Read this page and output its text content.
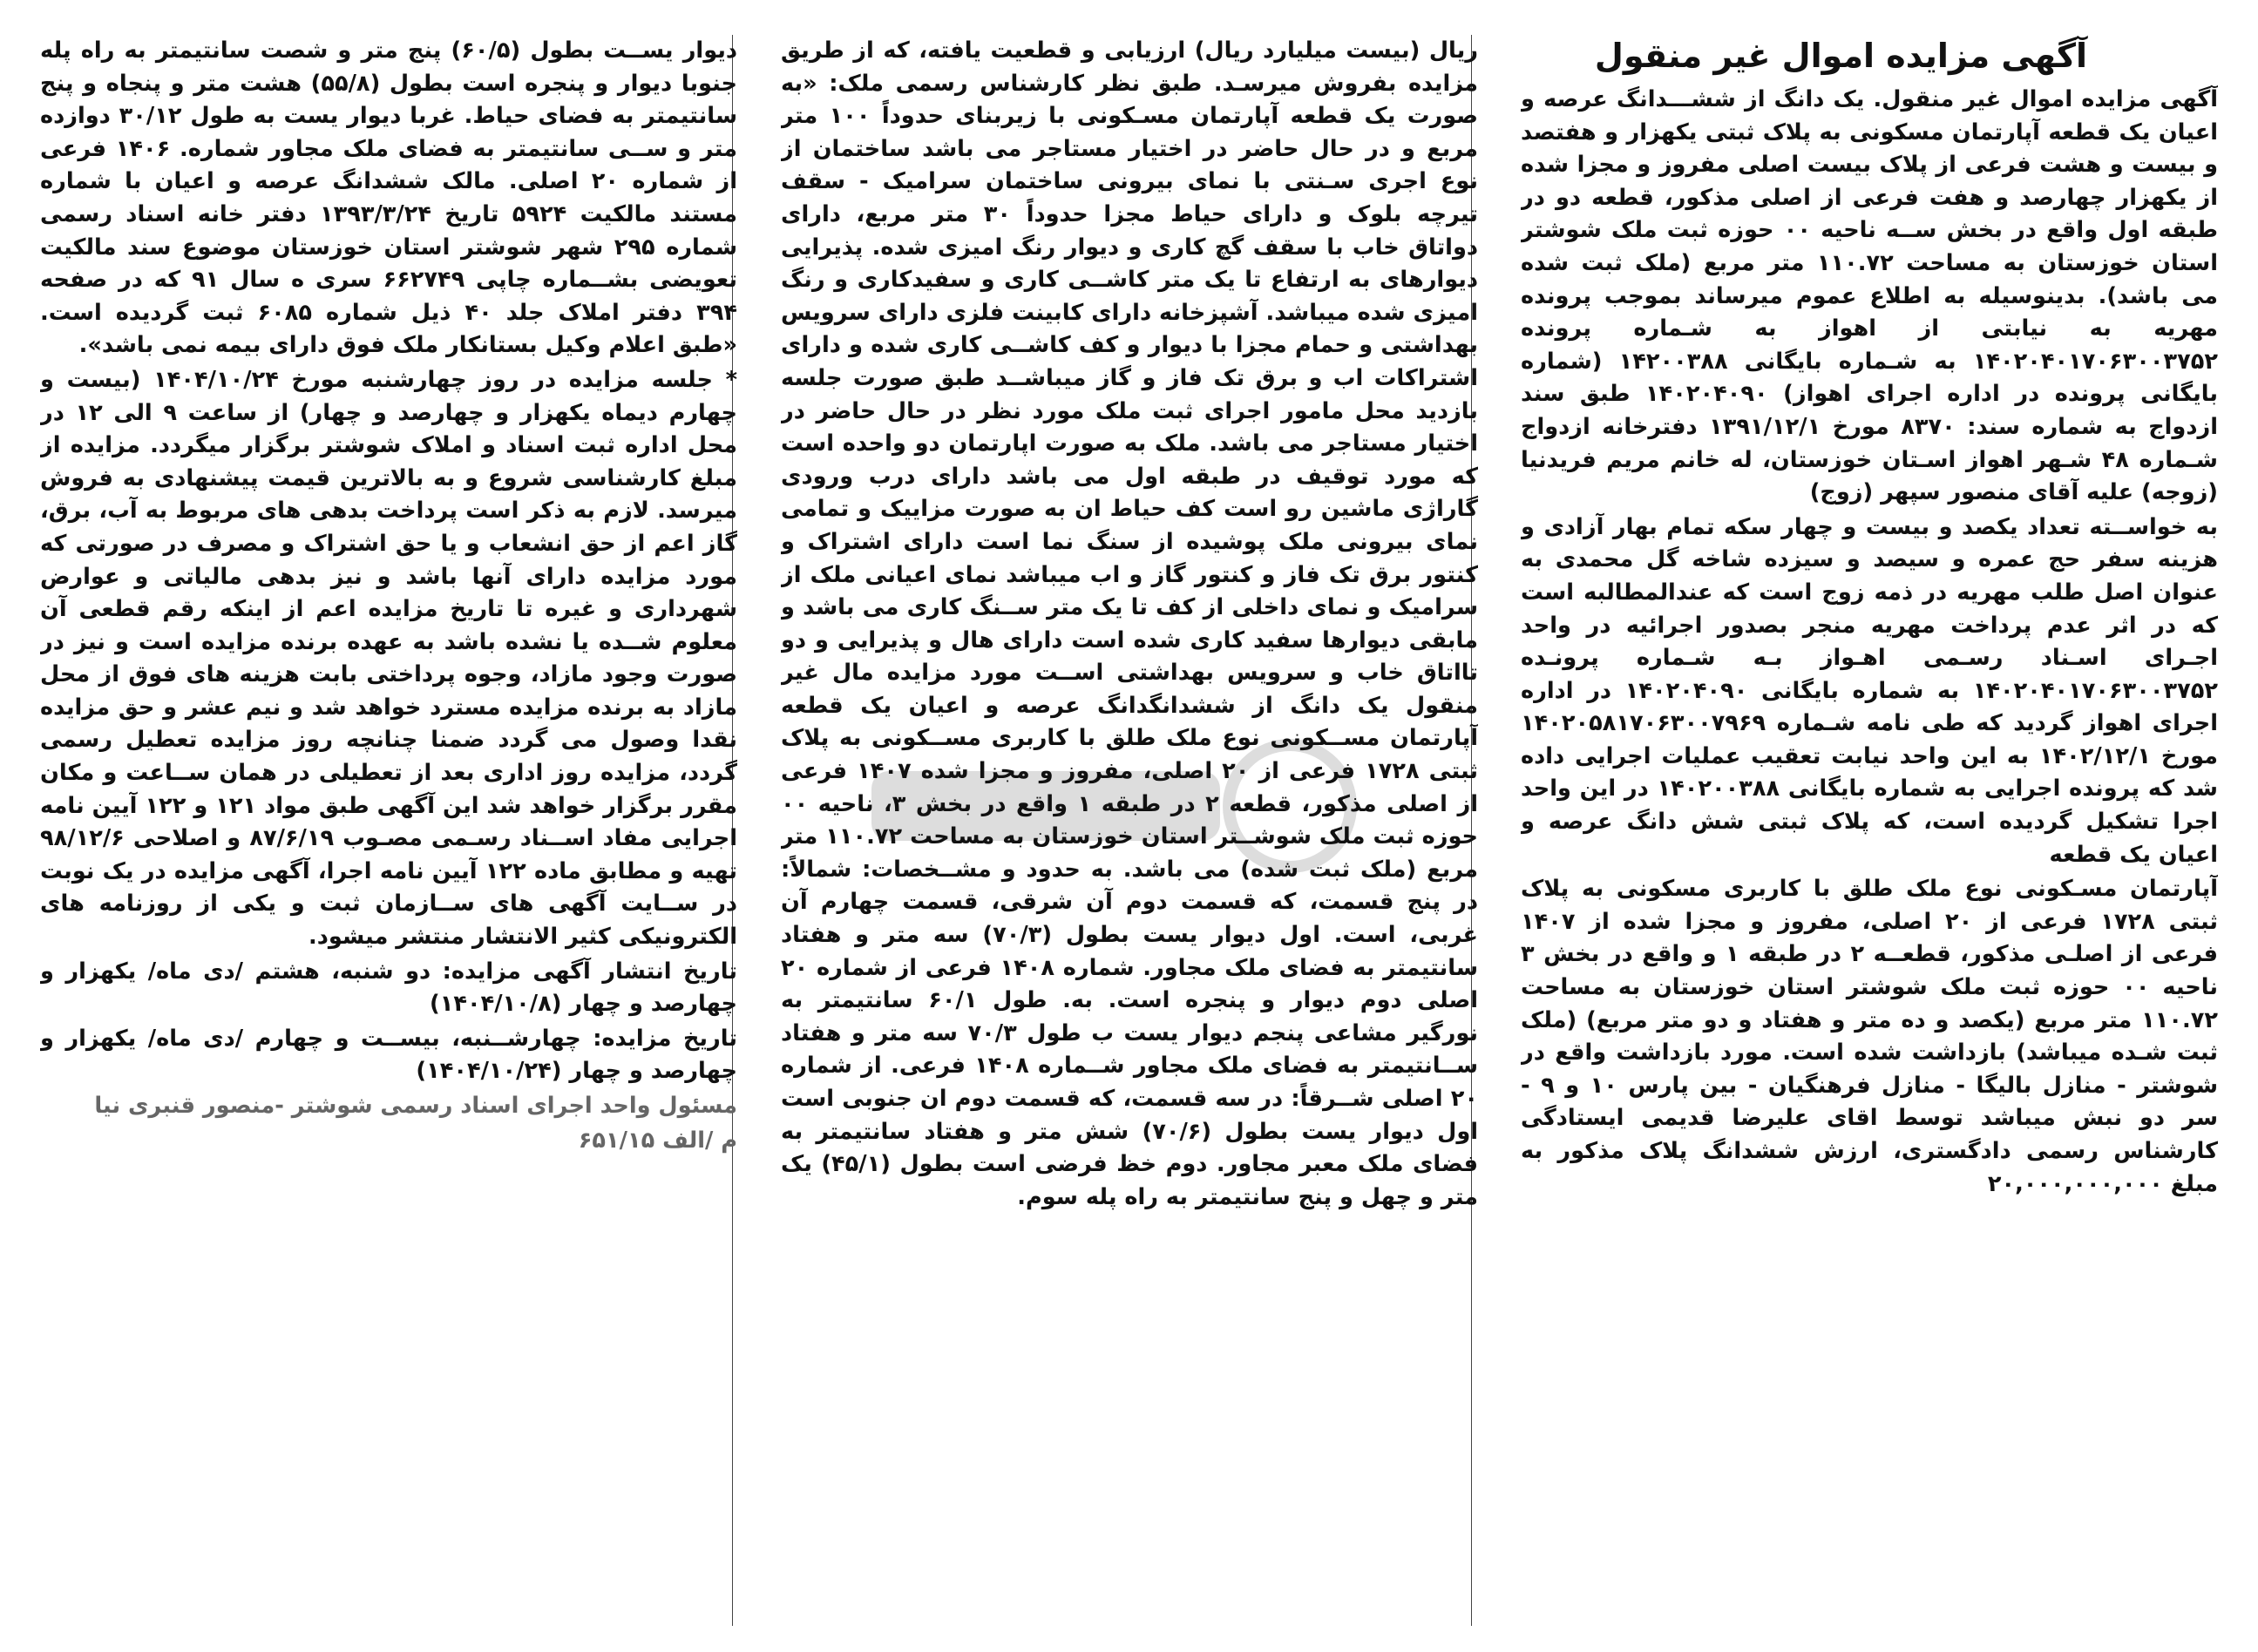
آگهی مزایده اموال غیر منقول

آگهی مزایده اموال غیر منقول. یک دانگ از ششـــدانگ عرصه و اعیان یک قطعه آپارتمان مسکونی به پلاک ثبتی یکهزار و هفتصد و بیست و هشت فرعی از پلاک بیست اصلی مفروز و مجزا شده از یکهزار چهارصد و هفت فرعی از اصلی مذکور، قطعه دو در طبقه اول واقع در بخش ســه ناحیه ۰۰ حوزه ثبت ملک شوشتر استان خوزستان به مساحت ۱۱۰.۷۲ متر مربع (ملک ثبت شده می باشد). بدینوسیله به اطلاع عموم میرساند بموجب پرونده مهریه به نیابتی از اهواز به شـماره پرونده ۱۴۰۲۰۴۰۱۷۰۶۳۰۰۳۷۵۲ به شـماره بایگانی ۱۴۲۰۰۳۸۸ (شماره بایگانی پرونده در اداره اجرای اهواز) ۱۴۰۲۰۴۰۹۰ طبق سند ازدواج به شماره سند: ۸۳۷۰ مورخ ۱۳۹۱/۱۲/۱ دفترخانه ازدواج شـماره ۴۸ شـهر اهواز اسـتان خوزستان، له خانم مریم فریدنیا (زوجه) علیه آقای منصور سپهر (زوج)

به خواســته تعداد یکصد و بیست و چهار سکه تمام بهار آزادی و هزینه سفر حج عمره و سیصد و سیزده شاخه گل محمدی به عنوان اصل طلب مهریه در ذمه زوج است که عندالمطالبه است که در اثر عدم پرداخت مهریه منجر بصدور اجرائیه در واحد اجـرای اسـناد رسـمی اهـواز بـه شـماره پرونـده ۱۴۰۲۰۴۰۱۷۰۶۳۰۰۳۷۵۲ به شماره بایگانی ۱۴۰۲۰۴۰۹۰ در اداره اجرای اهواز گردید که طی نامه شـماره ۱۴۰۲۰۵۸۱۷۰۶۳۰۰۷۹۶۹ مورخ ۱۴۰۲/۱۲/۱ به این واحد نیابت تعقیب عملیات اجرایی داده شد که پرونده اجرایی به شماره بایگانی ۱۴۰۲۰۰۳۸۸ در این واحد اجرا تشکیل گردیده است، که پلاک ثبتی شش دانگ عرصه و اعیان یک قطعه

آپارتمان مسـکونی نوع ملک طلق با کاربری مسکونی به پلاک ثبتی ۱۷۲۸ فرعی از ۲۰ اصلی، مفروز و مجزا شده از ۱۴۰۷ فرعی از اصلـی مذکور، قطعــه ۲ در طبقه ۱ و واقع در بخش ۳ ناحیه ۰۰ حوزه ثبت ملک شوشتر استان خوزستان به مساحت ۱۱۰.۷۲ متر مربع (یکصد و ده متر و هفتاد و دو متر مربع) (ملک ثبت شـده میباشد) بازداشت شده است. مورد بازداشت واقع در شوشتر - منازل بالیگا - منازل فرهنگیان - بین پارس ۱۰ و ۹ - سر دو نبش میباشد توسط اقای علیرضا قدیمی ایستادگی کارشناس رسمی دادگستری، ارزش ششدانگ پلاک مذکور به مبلغ ۲۰,۰۰۰,۰۰۰,۰۰۰

ریال (بیست میلیارد ریال) ارزیابی و قطعیت یافته، که از طریق مزایده بفروش میرسـد. طبق نظر کارشناس رسمی ملک: «به صورت یک قطعه آپارتمان مسـکونی با زیربنای حدوداً ۱۰۰ متر مربع و در حال حاضر در اختیار مستاجر می باشد ساختمان از نوع اجری سـنتی با نمای بیرونی ساختمان سرامیک - سقف تیرچه بلوک و دارای حیاط مجزا حدوداً ۳۰ متر مربع، دارای دواتاق خاب با سقف گچ کاری و دیوار رنگ امیزی شده. پذیرایی دیوارهای به ارتفاع تا یک متر کاشــی کاری و سفیدکاری و رنگ امیزی شده میباشد. آشپزخانه دارای کابینت فلزی دارای سرویس بهداشتی و حمام مجزا با دیوار و کف کاشــی کاری شده و دارای اشتراکات اب و برق تک فاز و گاز میباشــد طبق صورت جلسه بازدید محل مامور اجرای ثبت ملک مورد نظر در حال حاضر در اختیار مستاجر می باشد. ملک به صورت اپارتمان دو واحده است که مورد توقیف در طبقه اول می باشد دارای درب ورودی گاراژی ماشین رو است کف حیاط ان به صورت مزاییک و تمامی نمای بیرونی ملک پوشیده از سنگ نما است دارای اشتراک و کنتور برق تک فاز و کنتور گاز و اب میباشد نمای اعیانی ملک از سرامیک و نمای داخلی از کف تا یک متر ســنگ کاری می باشد و مابقی دیوارها سفید کاری شده است دارای هال و پذیرایی و دو تااتاق خاب و سرویس بهداشتی اســت مورد مزایده مال غیر منقول یک دانگ از ششدانگدانگ عرصه و اعیان یک قطعه آپارتمان مســکونی نوع ملک طلق با کاربری مســکونی به پلاک ثبتی ۱۷۲۸ فرعی از ۲۰ اصلی، مفروز و مجزا شده ۱۴۰۷ فرعی از اصلی مذکور، قطعه ۲ در طبقه ۱ واقع در بخش ۳، ناحیه ۰۰ حوزه ثبت ملک شوشــتر استان خوزستان به مساحت ۱۱۰.۷۲ متر مربع (ملک ثبت شده) می باشد. به حدود و مشــخصات: شمالاً: در پنج قسمت، که قسمت دوم آن شرقی، قسمت چهارم آن غربی، است. اول دیوار یست بطول (۷۰/۳) سه متر و هفتاد سانتیمتر به فضای ملک مجاور. شماره ۱۴۰۸ فرعی از شماره ۲۰ اصلی دوم دیوار و پنجره است. به. طول ۶۰/۱ سانتیمتر به نورگیر مشاعی پنجم دیوار یست ب طول ۷۰/۳ سه متر و هفتاد ســانتیمتر به فضای ملک مجاور شــماره ۱۴۰۸ فرعی. از شماره ۲۰ اصلی شــرقاً: در سه قسمت، که قسمت دوم ان جنوبی است اول دیوار یست بطول (۷۰/۶) شش متر و هفتاد سانتیمتر به فضای ملک معبر مجاور. دوم خظ فرضی است بطول (۴۵/۱) یک متر و چهل و پنج سانتیمتر به راه پله سوم.

دیوار یســت بطول (۶۰/۵) پنج متر و شصت سانتیمتر به راه پله جنوبا دیوار و پنجره است بطول (۵۵/۸) هشت متر و پنجاه و پنج سانتیمتر به فضای حیاط. غربا دیوار یست به طول ۳۰/۱۲ دوازده متر و ســی سانتیمتر به فضای ملک مجاور شماره. ۱۴۰۶ فرعی از شماره ۲۰ اصلی. مالک ششدانگ عرصه و اعیان با شماره مستند مالکیت ۵۹۲۴ تاریخ ۱۳۹۳/۳/۲۴ دفتر خانه اسناد رسمی شماره ۲۹۵ شهر شوشتر استان خوزستان موضوع سند مالکیت تعویضی بشــماره چاپی ۶۶۲۷۴۹ سری ه سال ۹۱ که در صفحه ۳۹۴ دفتر املاک جلد ۴۰ ذیل شماره ۶۰۸۵ ثبت گردیده است. «طبق اعلام وکیل بستانکار ملک فوق دارای بیمه نمی باشد».

* جلسه مزایده در روز چهارشنبه مورخ ۱۴۰۴/۱۰/۲۴ (بیست و چهارم دیماه یکهزار و چهارصد و چهار) از ساعت ۹ الی ۱۲ در محل اداره ثبت اسناد و املاک شوشتر برگزار میگردد. مزایده از مبلغ کارشناسی شروع و به بالاترین قیمت پیشنهادی به فروش میرسد. لازم به ذکر است پرداخت بدهی های مربوط به آب، برق، گاز اعم از حق انشعاب و یا حق اشتراک و مصرف در صورتی که مورد مزایده دارای آنها باشد و نیز بدهی مالیاتی و عوارض شهرداری و غیره تا تاریخ مزایده اعم از اینکه رقم قطعی آن معلوم شــده یا نشده باشد به عهده برنده مزایده است و نیز در صورت وجود مازاد، وجوه پرداختی بابت هزینه های فوق از محل مازاد به برنده مزایده مسترد خواهد شد و نیم عشر و حق مزایده نقدا وصول می گردد ضمنا چنانچه روز مزایده تعطیل رسمی گردد، مزایده روز اداری بعد از تعطیلی در همان ســاعت و مکان مقرر برگزار خواهد شد این آگهی طبق مواد ۱۲۱ و ۱۲۲ آیین نامه اجرایی مفاد اســناد رسـمی مصـوب ۸۷/۶/۱۹ و اصلاحی ۹۸/۱۲/۶ تهیه و مطابق ماده ۱۲۲ آیین نامه اجرا، آگهی مزایده در یک نوبت در ســایت آگهی های ســازمان ثبت و یکی از روزنامه های الکترونیکی کثیر الانتشار منتشر میشود.

تاریخ انتشار آگهی مزایده: دو شنبه، هشتم /دی ماه/ یکهزار و چهارصد و چهار (۱۴۰۴/۱۰/۸)

تاریخ مزایده: چهارشــنبه، بیســت و چهارم /دی ماه/ یکهزار و چهارصد و چهار (۱۴۰۴/۱۰/۲۴)

مسئول واحد اجرای اسناد رسمی شوشتر -منصور قنبری نیا

م /الف ۶۵۱/۱۵
